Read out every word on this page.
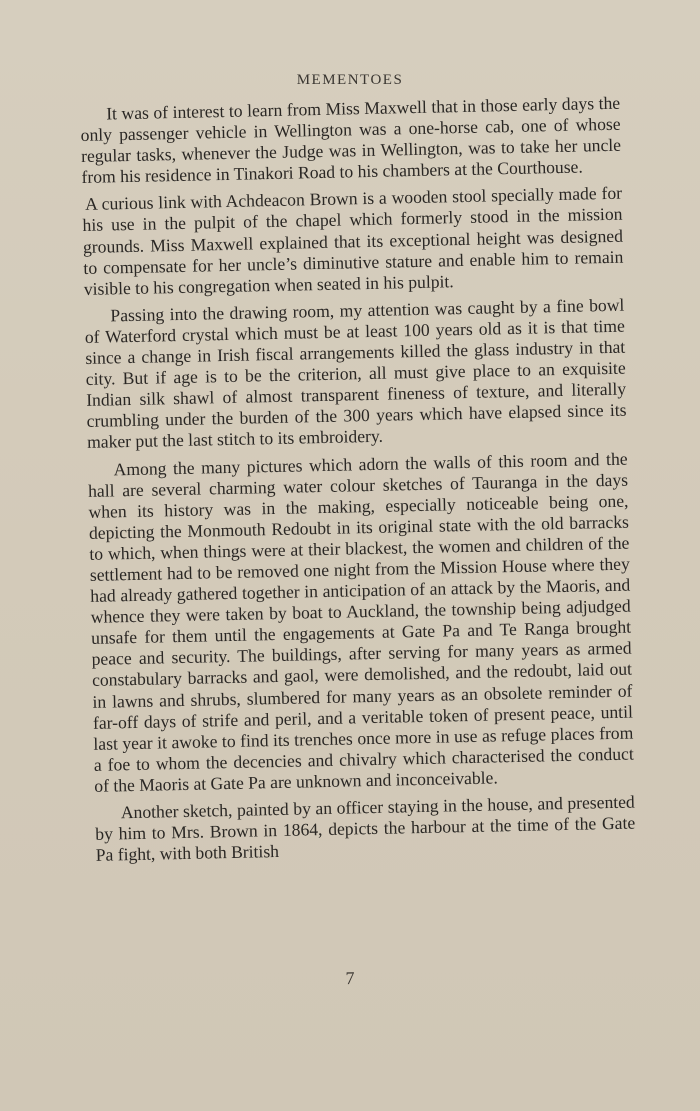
MEMENTOES

It was of interest to learn from Miss Maxwell that in those early days the only passenger vehicle in Wellington was a one-horse cab, one of whose regular tasks, whenever the Judge was in Wellington, was to take her uncle from his residence in Tinakori Road to his chambers at the Courthouse.

A curious link with Achdeacon Brown is a wooden stool specially made for his use in the pulpit of the chapel which formerly stood in the mission grounds. Miss Maxwell explained that its exceptional height was designed to compensate for her uncle’s diminutive stature and enable him to remain visible to his congregation when seated in his pulpit.

Passing into the drawing room, my attention was caught by a fine bowl of Waterford crystal which must be at least 100 years old as it is that time since a change in Irish fiscal arrangements killed the glass industry in that city. But if age is to be the criterion, all must give place to an exquisite Indian silk shawl of almost transparent fineness of texture, and literally crumbling under the burden of the 300 years which have elapsed since its maker put the last stitch to its embroidery.

Among the many pictures which adorn the walls of this room and the hall are several charming water colour sketches of Tauranga in the days when its history was in the making, especially noticeable being one, depicting the Monmouth Redoubt in its original state with the old barracks to which, when things were at their blackest, the women and children of the settlement had to be removed one night from the Mission House where they had already gathered together in anticipation of an attack by the Maoris, and whence they were taken by boat to Auckland, the township being adjudged unsafe for them until the engagements at Gate Pa and Te Ranga brought peace and security. The buildings, after serving for many years as armed constabulary barracks and gaol, were demolished, and the redoubt, laid out in lawns and shrubs, slumbered for many years as an obsolete reminder of far-off days of strife and peril, and a veritable token of present peace, until last year it awoke to find its trenches once more in use as refuge places from a foe to whom the decencies and chivalry which characterised the conduct of the Maoris at Gate Pa are unknown and inconceivable.

Another sketch, painted by an officer staying in the house, and presented by him to Mrs. Brown in 1864, depicts the harbour at the time of the Gate Pa fight, with both British

7
